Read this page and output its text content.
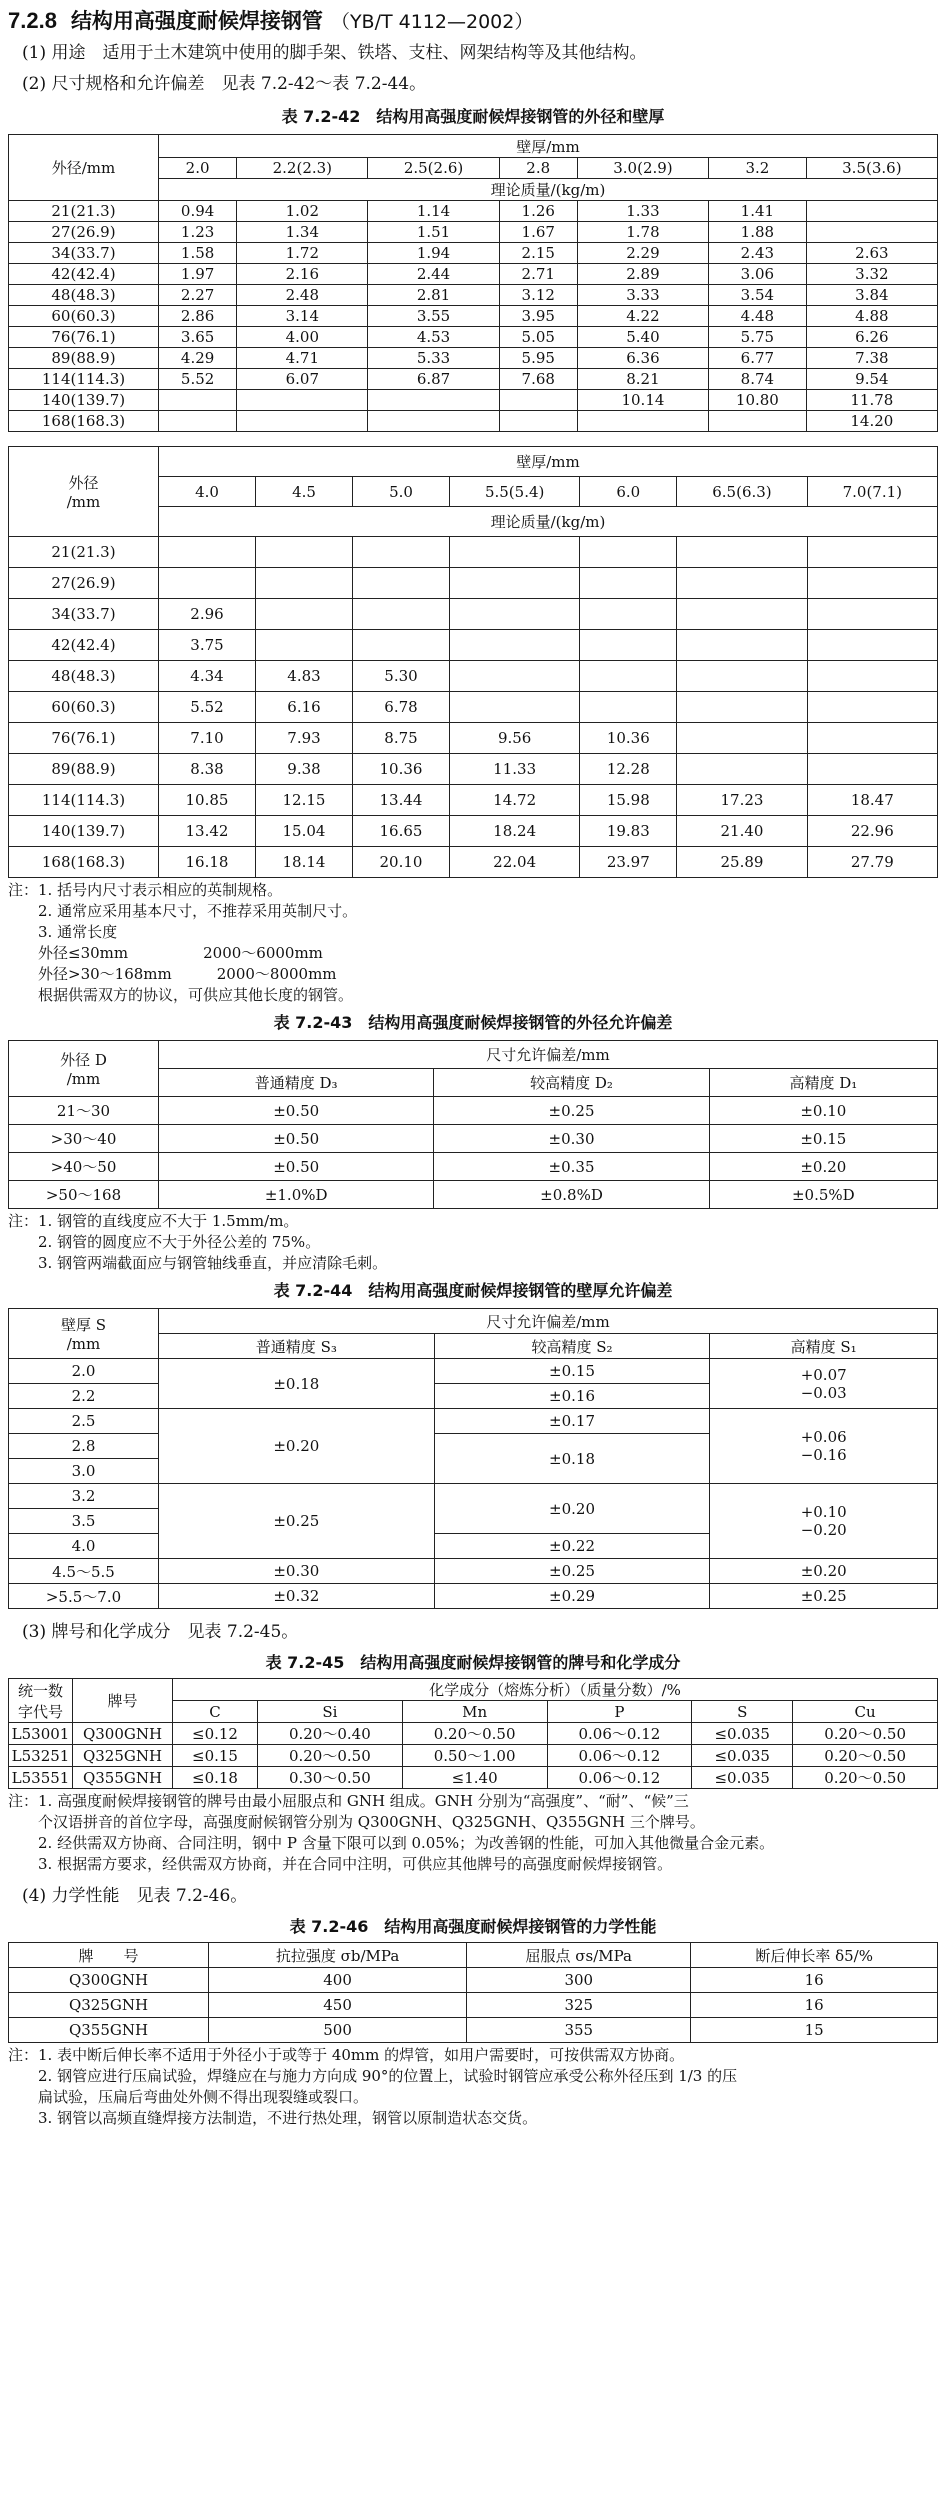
7.2.8 结构用高强度耐候焊接钢管 （YB/T 4112—2002）

(1) 用途　适用于土木建筑中使用的脚手架、铁塔、支柱、网架结构等及其他结构。

(2) 尺寸规格和允许偏差　见表 7.2-42～表 7.2-44。

表 7.2-42　结构用高强度耐候焊接钢管的外径和壁厚
外径/mm	壁厚/mm						
	2.0	2.2(2.3)	2.5(2.6)	2.8	3.0(2.9)	3.2	3.5(3.6)
	理论质量/(kg/m)						
21(21.3)	0.94	1.02	1.14	1.26	1.33	1.41	
27(26.9)	1.23	1.34	1.51	1.67	1.78	1.88	
34(33.7)	1.58	1.72	1.94	2.15	2.29	2.43	2.63
42(42.4)	1.97	2.16	2.44	2.71	2.89	3.06	3.32
48(48.3)	2.27	2.48	2.81	3.12	3.33	3.54	3.84
60(60.3)	2.86	3.14	3.55	3.95	4.22	4.48	4.88
76(76.1)	3.65	4.00	4.53	5.05	5.40	5.75	6.26
89(88.9)	4.29	4.71	5.33	5.95	6.36	6.77	7.38
114(114.3)	5.52	6.07	6.87	7.68	8.21	8.74	9.54
140(139.7)					10.14	10.80	11.78
168(168.3)							14.20
外径
/mm	壁厚/mm						
	4.0	4.5	5.0	5.5(5.4)	6.0	6.5(6.3)	7.0(7.1)
	理论质量/(kg/m)						
21(21.3)							
27(26.9)							
34(33.7)	2.96						
42(42.4)	3.75						
48(48.3)	4.34	4.83	5.30				
60(60.3)	5.52	6.16	6.78				
76(76.1)	7.10	7.93	8.75	9.56	10.36		
89(88.9)	8.38	9.38	10.36	11.33	12.28		
114(114.3)	10.85	12.15	13.44	14.72	15.98	17.23	18.47
140(139.7)	13.42	15.04	16.65	18.24	19.83	21.40	22.96
168(168.3)	16.18	18.14	20.10	22.04	23.97	25.89	27.79
注：1. 括号内尺寸表示相应的英制规格。
　　2. 通常应采用基本尺寸，不推荐采用英制尺寸。
　　3. 通常长度
　　外径≤30mm　　　　　2000～6000mm
　　外径>30～168mm　　　2000～8000mm
　　根据供需双方的协议，可供应其他长度的钢管。
表 7.2-43　结构用高强度耐候焊接钢管的外径允许偏差
外径 D
/mm	尺寸允许偏差/mm		
	普通精度 D₃	较高精度 D₂	高精度 D₁
21～30	±0.50	±0.25	±0.10
>30～40	±0.50	±0.30	±0.15
>40～50	±0.50	±0.35	±0.20
>50～168	±1.0%D	±0.8%D	±0.5%D
注：1. 钢管的直线度应不大于 1.5mm/m。
　　2. 钢管的圆度应不大于外径公差的 75%。
　　3. 钢管两端截面应与钢管轴线垂直，并应清除毛刺。
表 7.2-44　结构用高强度耐候焊接钢管的壁厚允许偏差
壁厚 S
/mm	尺寸允许偏差/mm		
	普通精度 S₃	较高精度 S₂	高精度 S₁
2.0	±0.18	±0.15	+0.07
−0.03
2.2		±0.16	
2.5	±0.20	±0.17	+0.06
−0.16
2.8		±0.18	
3.0			
3.2	±0.25	±0.20	+0.10
−0.20
3.5			
4.0		±0.22	
4.5～5.5	±0.30	±0.25	±0.20
>5.5～7.0	±0.32	±0.29	±0.25

(3) 牌号和化学成分　见表 7.2-45。

表 7.2-45　结构用高强度耐候焊接钢管的牌号和化学成分
统一数
字代号	牌号	化学成分（熔炼分析）（质量分数）/%					
		C	Si	Mn	P	S	Cu
L53001	Q300GNH	≤0.12	0.20～0.40	0.20～0.50	0.06～0.12	≤0.035	0.20～0.50
L53251	Q325GNH	≤0.15	0.20～0.50	0.50～1.00	0.06～0.12	≤0.035	0.20～0.50
L53551	Q355GNH	≤0.18	0.30～0.50	≤1.40	0.06～0.12	≤0.035	0.20～0.50
注：1. 高强度耐候焊接钢管的牌号由最小屈服点和 GNH 组成。GNH 分别为“高强度”、“耐”、“候”三
　　个汉语拼音的首位字母，高强度耐候钢管分别为 Q300GNH、Q325GNH、Q355GNH 三个牌号。
　　2. 经供需双方协商、合同注明，钢中 P 含量下限可以到 0.05%；为改善钢的性能，可加入其他微量合金元素。
　　3. 根据需方要求，经供需双方协商，并在合同中注明，可供应其他牌号的高强度耐候焊接钢管。

(4) 力学性能　见表 7.2-46。

表 7.2-46　结构用高强度耐候焊接钢管的力学性能
牌　　号	抗拉强度 σb/MPa	屈服点 σs/MPa	断后伸长率 δ5/%
Q300GNH	400	300	16
Q325GNH	450	325	16
Q355GNH	500	355	15
注：1. 表中断后伸长率不适用于外径小于或等于 40mm 的焊管，如用户需要时，可按供需双方协商。
　　2. 钢管应进行压扁试验，焊缝应在与施力方向成 90°的位置上，试验时钢管应承受公称外径压到 1/3 的压
　　扁试验，压扁后弯曲处外侧不得出现裂缝或裂口。
　　3. 钢管以高频直缝焊接方法制造，不进行热处理，钢管以原制造状态交货。
